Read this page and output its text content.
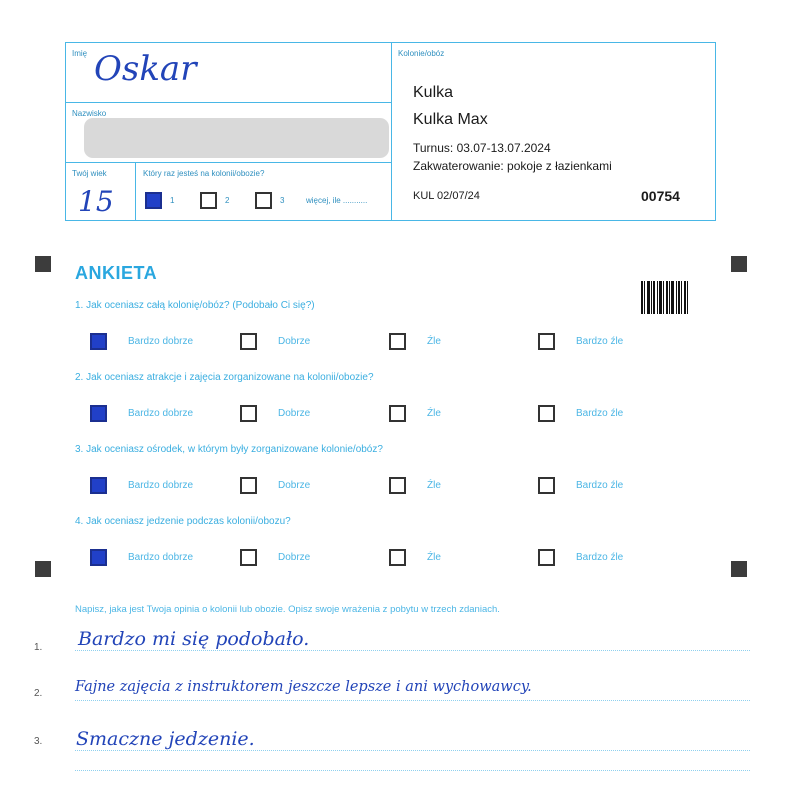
Imię Oskar
Nazwisko
Twój wiek
15
Który raz jesteś na kolonii/obozie?
1	2	3	więcej, ile ...........
Kolonie/obóz
Kulka
Kulka Max
Turnus: 03.07-13.07.2024
Zakwaterowanie: pokoje z łazienkami
KUL 02/07/24	00754
ANKIETA
1. Jak oceniasz całą kolonię/obóz? (Podobało Ci się?)
Bardzo dobrze	Dobrze	Źle	Bardzo źle
2. Jak oceniasz atrakcje i zajęcia zorganizowane na kolonii/obozie?
Bardzo dobrze	Dobrze	Źle	Bardzo źle
3. Jak oceniasz ośrodek, w którym były zorganizowane kolonie/obóz?
Bardzo dobrze	Dobrze	Źle	Bardzo źle
4. Jak oceniasz jedzenie podczas kolonii/obozu?
Bardzo dobrze	Dobrze	Źle	Bardzo źle
Napisz, jaka jest Twoja opinia o kolonii lub obozie. Opisz swoje wrażenia z pobytu w trzech zdaniach.
1. Bardzo mi się podobało.
2. Fajne zajęcia z instruktorem jeszcze lepsze i ani wychowawcy.
3. Smaczne jedzenie.
